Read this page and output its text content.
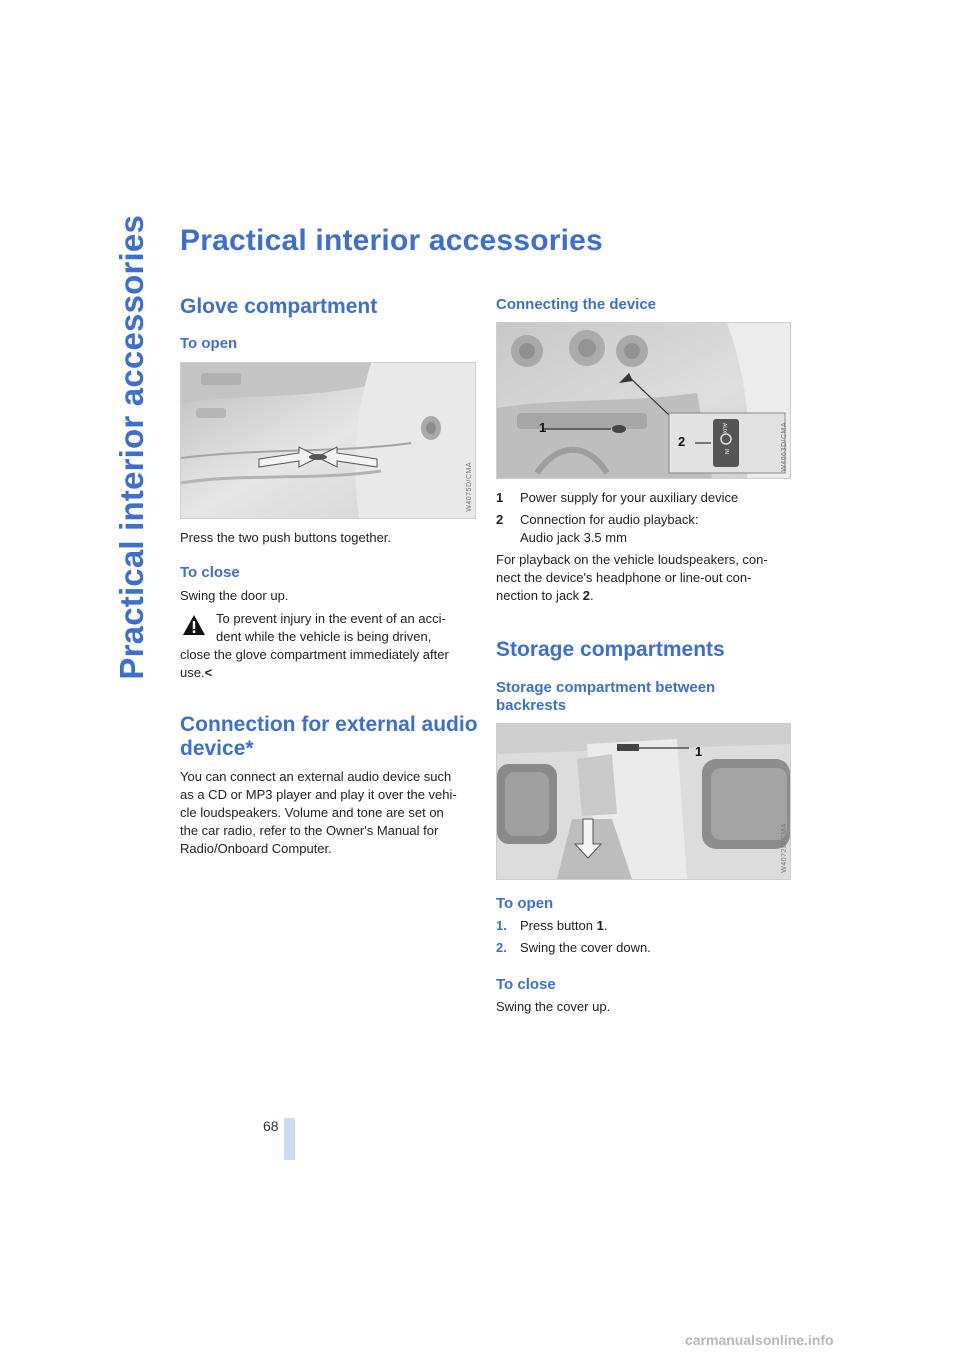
Practical interior accessories
68
Practical interior accessories
Glove compartment
To open
W4075D/CMA
Press the two push buttons together.
To close
Swing the door up.
To prevent injury in the event of an acci-
dent while the vehicle is being driven,
close the glove compartment immediately after
use.<
Connection for external audio
device*
You can connect an external audio device such
as a CD or MP3 player and play it over the vehi-
cle loudspeakers. Volume and tone are set on
the car radio, refer to the Owner's Manual for
Radio/Onboard Computer.
Connecting the device
1
2
AUX
IN	W4063D/CMA
1 Power supply for your auxiliary device
2 Connection for audio playback:
Audio jack 3.5 mm
For playback on the vehicle loudspeakers, con-
nect the device's headphone or line-out con-
nection to jack 2.
Storage compartments
Storage compartment between
backrests
1
W4072D/CMA
To open
1. Press button 1.
2. Swing the cover down.
To close
Swing the cover up.
carmanualsonline.info
